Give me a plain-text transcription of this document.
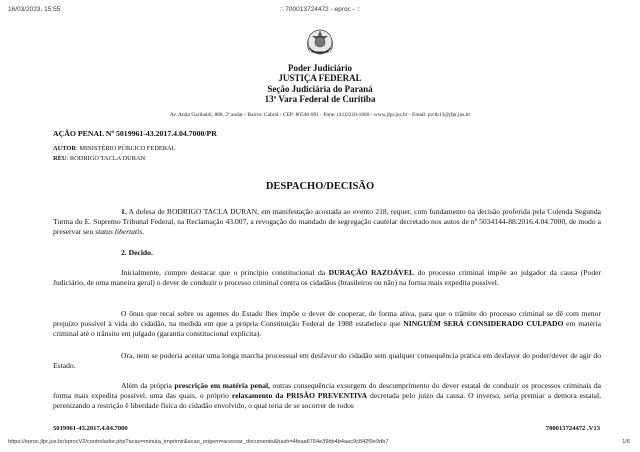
16/03/2023, 15:55	:: 700013724472 - eproc - ::
Poder Judiciário
JUSTIÇA FEDERAL
Seção Judiciária do Paraná
13ª Vara Federal de Curitiba
Av. Anita Garibaldi, 888, 2º andar - Bairro: Cabral - CEP: 80540-901 - Fone: (41)3210-1680 - www.jfpr.jus.br - Email: prctb13@jfpr.jus.br
AÇÃO PENAL Nº 5019961-43.2017.4.04.7000/PR
AUTOR: MINISTÉRIO PÚBLICO FEDERAL
RÉU: RODRIGO TACLA DURAN
DESPACHO/DECISÃO

1. A defesa de RODRIGO TACLA DURAN, em manifestação acostada ao evento 218, requer, com fundamento na decisão proferida pela Colenda Segunda Turma do E. Supremo Tribunal Federal, na Reclamação 43.007, a revogação do mandado de segregação cautelar decretado nos autos de nº 5034144-88.2016.4.04.7000, de modo a preservar seu status libertatis.

2. Decido.

Inicialmente, cumpre destacar que o princípio constitucional da DURAÇÃO RAZOÁVEL do processo criminal impõe ao julgador da causa (Poder Judiciário, de uma maneira geral) o dever de conduzir o processo criminal contra os cidadãos (brasileiros ou não) na forma mais expedita possível.

O ônus que recai sobre os agentes do Estado lhes impõe o dever de cooperar, de forma ativa, para que o trâmite do processo criminal se dê com menor prejuízo possível à vida do cidadão, na medida em que a própria Constituição Federal de 1988 estabelece que NINGUÉM SERÁ CONSIDERADO CULPADO em matéria criminal até o trânsito em julgado (garantia constitucional explícita).

Ora, nem se poderia aceitar uma longa marcha processual em desfavor do cidadão sem qualquer consequência prática em desfavor do poder/dever de agir do Estado.

Além da própria prescrição em matéria penal, outras consequência exsurgem do descumprimento do dever estatal de conduzir os processos criminais da forma mais expedita possível, uma das quais, o próprio relaxamento da PRISÃO PREVENTIVA decretada pelo juízo da causa. O inverso, seria premiar a demora estatal, perenizando a restrição ê liberdade física do cidadão envolvido, o qual teria de se socorrer de todos

5019961-43.2017.4.04.7000	700013724472 .V13
https://eproc.jfpr.jus.br/eprocV2/controlador.php?acao=minuta_imprimir&acao_origem=acessar_documento&hash=4feaa6764e39bb4b4aac9c842f9e9db7	1/6
